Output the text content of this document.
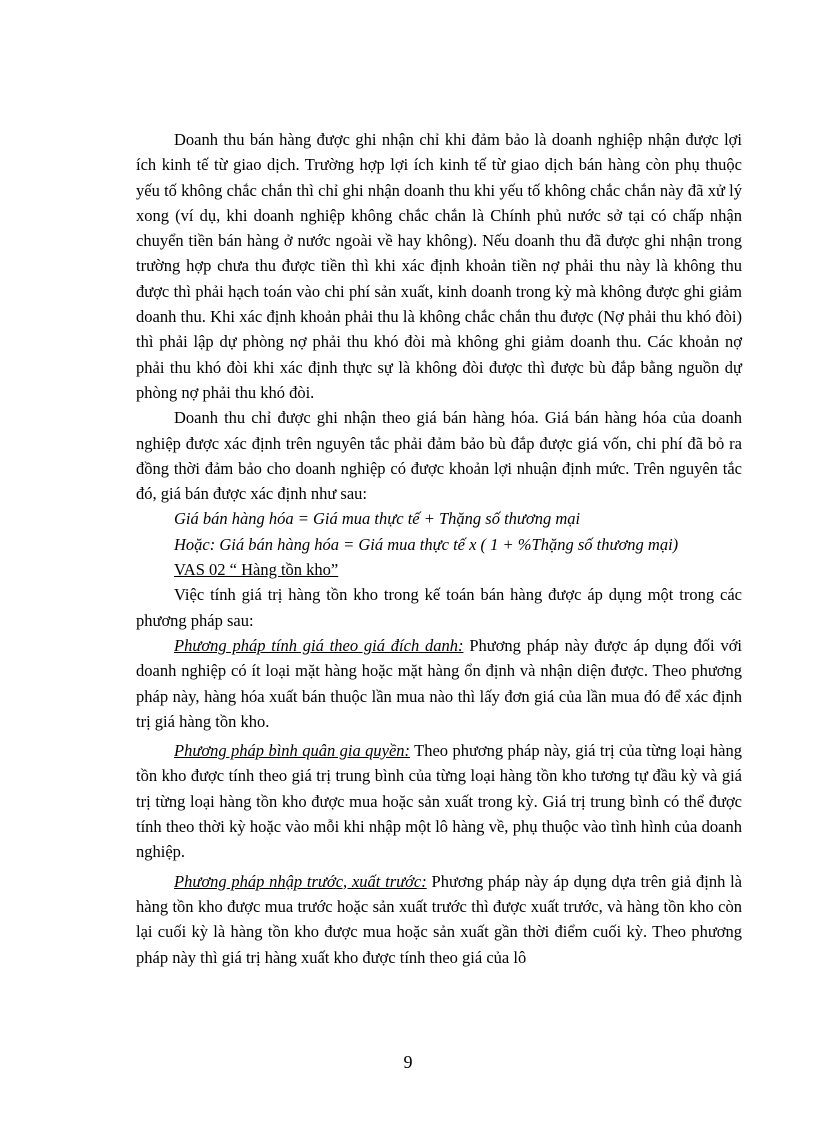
Doanh thu bán hàng được ghi nhận chỉ khi đảm bảo là doanh nghiệp nhận được lợi ích kinh tế từ giao dịch. Trường hợp lợi ích kinh tế từ giao dịch bán hàng còn phụ thuộc yếu tố không chắc chắn thì chỉ ghi nhận doanh thu khi yếu tố không chắc chắn này đã xử lý xong (ví dụ, khi doanh nghiệp không chắc chắn là Chính phủ nước sở tại có chấp nhận chuyển tiền bán hàng ở nước ngoài về hay không). Nếu doanh thu đã được ghi nhận trong trường hợp chưa thu được tiền thì khi xác định khoản tiền nợ phải thu này là không thu được thì phải hạch toán vào chi phí sản xuất, kinh doanh trong kỳ mà không được ghi giảm doanh thu. Khi xác định khoản phải thu là không chắc chắn thu được (Nợ phải thu khó đòi) thì phải lập dự phòng nợ phải thu khó đòi mà không ghi giảm doanh thu. Các khoản nợ phải thu khó đòi khi xác định thực sự là không đòi được thì được bù đắp bằng nguồn dự phòng nợ phải thu khó đòi.

Doanh thu chỉ được ghi nhận theo giá bán hàng hóa. Giá bán hàng hóa của doanh nghiệp được xác định trên nguyên tắc phải đảm bảo bù đắp được giá vốn, chi phí đã bỏ ra đồng thời đảm bảo cho doanh nghiệp có được khoản lợi nhuận định mức. Trên nguyên tắc đó, giá bán được xác định như sau:

Giá bán hàng hóa = Giá mua thực tế + Thặng số thương mại

Hoặc: Giá bán hàng hóa = Giá mua thực tế x ( 1 + %Thặng số thương mại)

VAS 02 “ Hàng tồn kho”

Việc tính giá trị hàng tồn kho trong kế toán bán hàng được áp dụng một trong các phương pháp sau:

Phương pháp tính giá theo giá đích danh: Phương pháp này được áp dụng đối với doanh nghiệp có ít loại mặt hàng hoặc mặt hàng ổn định và nhận diện được. Theo phương pháp này, hàng hóa xuất bán thuộc lần mua nào thì lấy đơn giá của lần mua đó để xác định trị giá hàng tồn kho.

Phương pháp bình quân gia quyền: Theo phương pháp này, giá trị của từng loại hàng tồn kho được tính theo giá trị trung bình của từng loại hàng tồn kho tương tự đầu kỳ và giá trị từng loại hàng tồn kho được mua hoặc sản xuất trong kỳ. Giá trị trung bình có thể được tính theo thời kỳ hoặc vào mỗi khi nhập một lô hàng về, phụ thuộc vào tình hình của doanh nghiệp.

Phương pháp nhập trước, xuất trước: Phương pháp này áp dụng dựa trên giả định là hàng tồn kho được mua trước hoặc sản xuất trước thì được xuất trước, và hàng tồn kho còn lại cuối kỳ là hàng tồn kho được mua hoặc sản xuất gần thời điểm cuối kỳ. Theo phương pháp này thì giá trị hàng xuất kho được tính theo giá của lô

9
